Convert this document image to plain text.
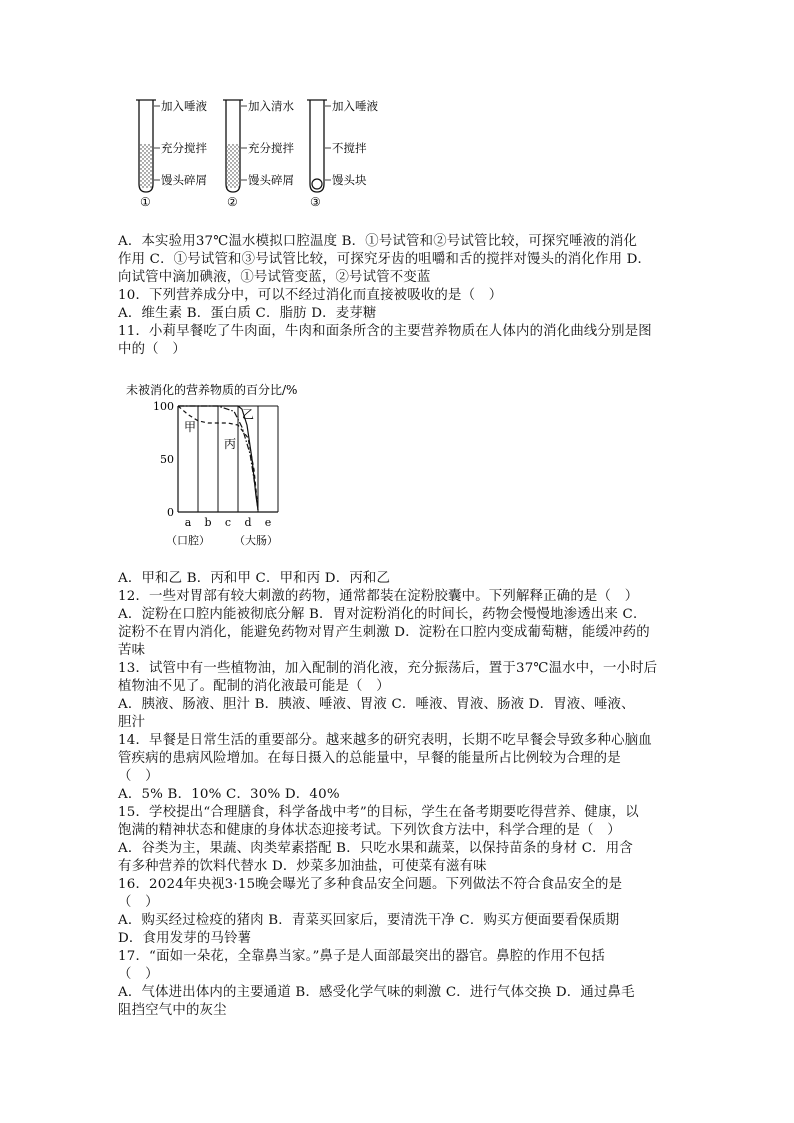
加入唾液
充分搅拌
馒头碎屑
①
加入清水
充分搅拌
馒头碎屑
②
加入唾液
不搅拌
馒头块
③
A．本实验用37℃温水模拟口腔温度 B．①号试管和②号试管比较，可探究唾液的消化
作用 C．①号试管和③号试管比较，可探究牙齿的咀嚼和舌的搅拌对馒头的消化作用 D．
向试管中滴加碘液，①号试管变蓝，②号试管不变蓝
10．下列营养成分中，可以不经过消化而直接被吸收的是（　）
A．维生素 B．蛋白质 C．脂肪 D．麦芽糖
11．小莉早餐吃了牛肉面，牛肉和面条所含的主要营养物质在人体内的消化曲线分别是图
中的（　）
未被消化的营养物质的百分比/%
100
50
0
a b c d e
（口腔） （大肠）
甲
丙
乙
A．甲和乙 B．丙和甲 C．甲和丙 D．丙和乙
12．一些对胃部有较大刺激的药物，通常都装在淀粉胶囊中。下列解释正确的是（　）
A．淀粉在口腔内能被彻底分解 B．胃对淀粉消化的时间长，药物会慢慢地渗透出来 C．
淀粉不在胃内消化，能避免药物对胃产生刺激 D．淀粉在口腔内变成葡萄糖，能缓冲药的
苦味
13．试管中有一些植物油，加入配制的消化液，充分振荡后，置于37℃温水中，一小时后
植物油不见了。配制的消化液最可能是（　）
A．胰液、肠液、胆汁 B．胰液、唾液、胃液 C．唾液、胃液、肠液 D．胃液、唾液、
胆汁
14．早餐是日常生活的重要部分。越来越多的研究表明，长期不吃早餐会导致多种心脑血
管疾病的患病风险增加。在每日摄入的总能量中，早餐的能量所占比例较为合理的是
（　）
A．5% B．10% C．30% D．40%
15．学校提出“合理膳食，科学备战中考”的目标，学生在备考期要吃得营养、健康，以
饱满的精神状态和健康的身体状态迎接考试。下列饮食方法中，科学合理的是（　）
A．谷类为主，果蔬、肉类荤素搭配 B．只吃水果和蔬菜，以保持苗条的身材 C．用含
有多种营养的饮料代替水 D．炒菜多加油盐，可使菜有滋有味
16．2024年央视3·15晚会曝光了多种食品安全问题。下列做法不符合食品安全的是
（　）
A．购买经过检疫的猪肉 B．青菜买回家后，要清洗干净 C．购买方便面要看保质期
D．食用发芽的马铃薯
17．“面如一朵花，全靠鼻当家。”鼻子是人面部最突出的器官。鼻腔的作用不包括
（　）
A．气体进出体内的主要通道 B．感受化学气味的刺激 C．进行气体交换 D．通过鼻毛
阻挡空气中的灰尘
